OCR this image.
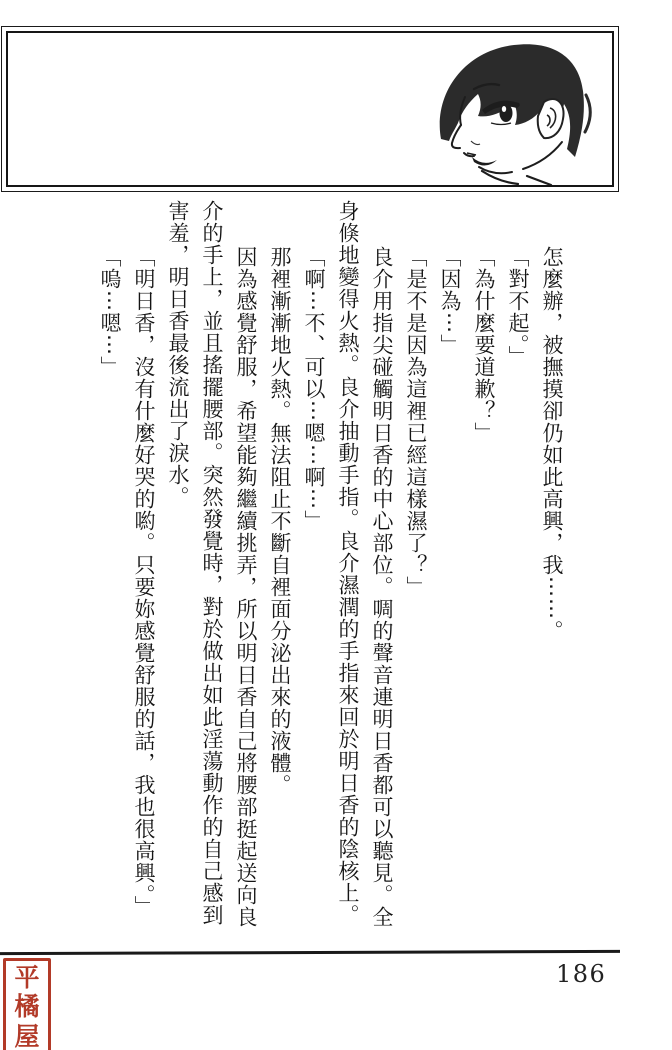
怎麼辦，被撫摸卻仍如此高興，我⋯⋯。

「對不起。」

「為什麼要道歉？」

「因為⋯」

「是不是因為這裡已經這樣濕了？」

良介用指尖碰觸明日香的中心部位。啁的聲音連明日香都可以聽見。全

身倏地變得火熱。良介抽動手指。良介濕潤的手指來回於明日香的陰核上。

「啊⋯不、可以⋯嗯⋯啊⋯」

那裡漸漸地火熱。無法阻止不斷自裡面分泌出來的液體。

因為感覺舒服，希望能夠繼續挑弄，所以明日香自己將腰部挺起送向良

介的手上，並且搖擺腰部。突然發覺時，對於做出如此淫蕩動作的自己感到

害羞，明日香最後流出了淚水。

「明日香，沒有什麼好哭的喲。只要妳感覺舒服的話，我也很高興。」

「嗚⋯嗯⋯」

186
平
橘
屋
